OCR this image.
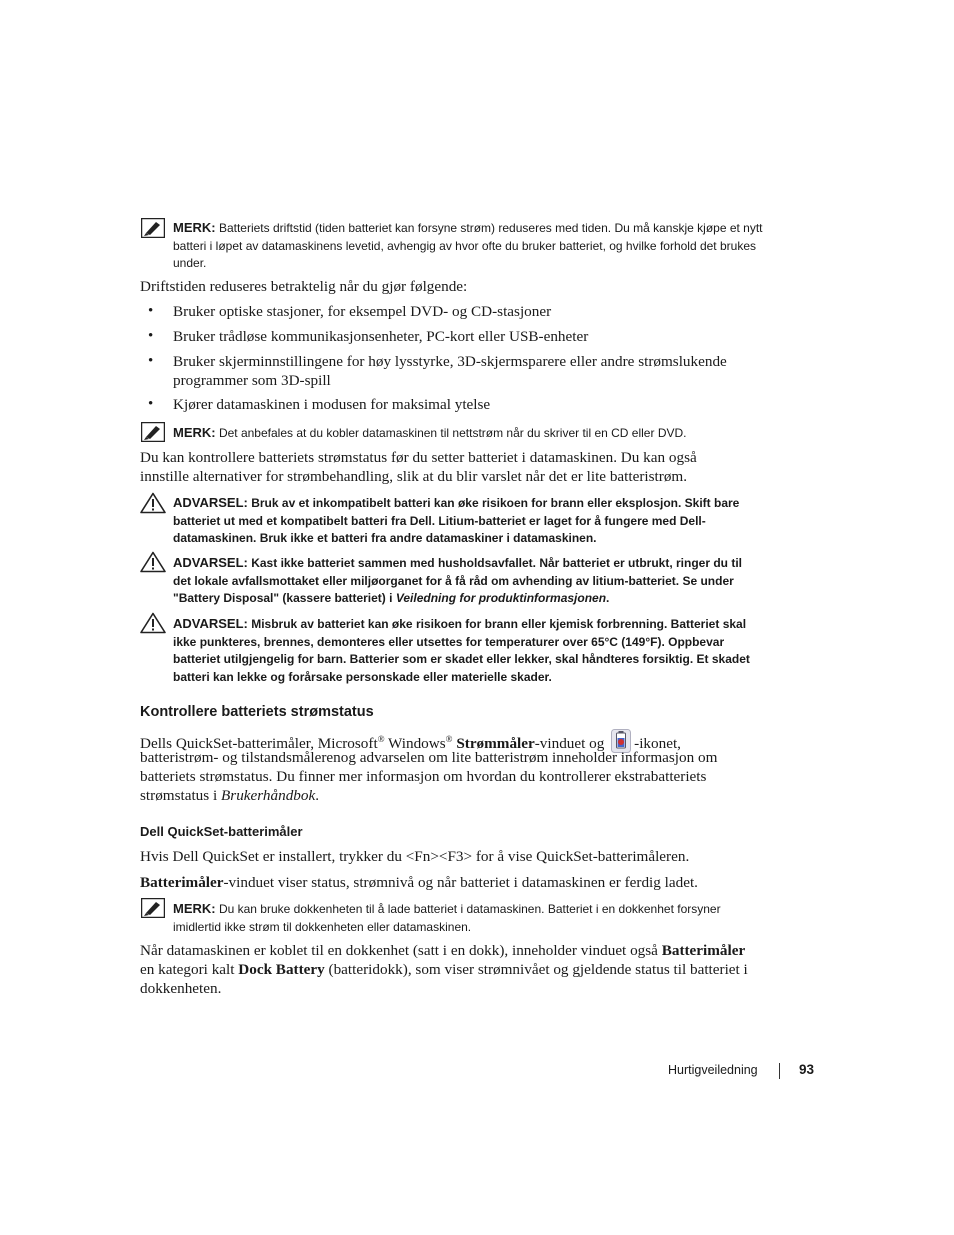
MERK: Batteriets driftstid (tiden batteriet kan forsyne strøm) reduseres med tiden. Du må kanskje kjøpe et nytt batteri i løpet av datamaskinens levetid, avhengig av hvor ofte du bruker batteriet, og hvilke forhold det brukes under.
Driftstiden reduseres betraktelig når du gjør følgende:
• Bruker optiske stasjoner, for eksempel DVD- og CD-stasjoner
• Bruker trådløse kommunikasjonsenheter, PC-kort eller USB-enheter
• Bruker skjerminnstillingene for høy lysstyrke, 3D-skjermsparere eller andre strømslukende programmer som 3D-spill
• Kjører datamaskinen i modusen for maksimal ytelse
MERK: Det anbefales at du kobler datamaskinen til nettstrøm når du skriver til en CD eller DVD.
Du kan kontrollere batteriets strømstatus før du setter batteriet i datamaskinen. Du kan også innstille alternativer for strømbehandling, slik at du blir varslet når det er lite batteristrøm.
ADVARSEL: Bruk av et inkompatibelt batteri kan øke risikoen for brann eller eksplosjon. Skift bare batteriet ut med et kompatibelt batteri fra Dell. Litium-batteriet er laget for å fungere med Dell-datamaskinen. Bruk ikke et batteri fra andre datamaskiner i datamaskinen.
ADVARSEL: Kast ikke batteriet sammen med husholdsavfallet. Når batteriet er utbrukt, ringer du til det lokale avfallsmottaket eller miljøorganet for å få råd om avhending av litium-batteriet. Se under "Battery Disposal" (kassere batteriet) i Veiledning for produktinformasjonen.
ADVARSEL: Misbruk av batteriet kan øke risikoen for brann eller kjemisk forbrenning. Batteriet skal ikke punkteres, brennes, demonteres eller utsettes for temperaturer over 65°C (149°F). Oppbevar batteriet utilgjengelig for barn. Batterier som er skadet eller lekker, skal håndteres forsiktig. Et skadet batteri kan lekke og forårsake personskade eller materielle skader.
Kontrollere batteriets strømstatus
Dells QuickSet-batterimåler, Microsoft® Windows® Strømmåler-vinduet og -ikonet,
batteristrøm- og tilstandsmålerenog advarselen om lite batteristrøm inneholder informasjon om
batteriets strømstatus. Du finner mer informasjon om hvordan du kontrollerer ekstrabatteriets
strømstatus i Brukerhåndbok.
Dell QuickSet-batterimåler
Hvis Dell QuickSet er installert, trykker du <Fn><F3> for å vise QuickSet-batterimåleren.
Batterimåler-vinduet viser status, strømnivå og når batteriet i datamaskinen er ferdig ladet.
MERK: Du kan bruke dokkenheten til å lade batteriet i datamaskinen. Batteriet i en dokkenhet forsyner imidlertid ikke strøm til dokkenheten eller datamaskinen.
Når datamaskinen er koblet til en dokkenhet (satt i en dokk), inneholder vinduet også Batterimåler en kategori kalt Dock Battery (batteridokk), som viser strømnivået og gjeldende status til batteriet i dokkenheten.
Hurtigveiledning	93
